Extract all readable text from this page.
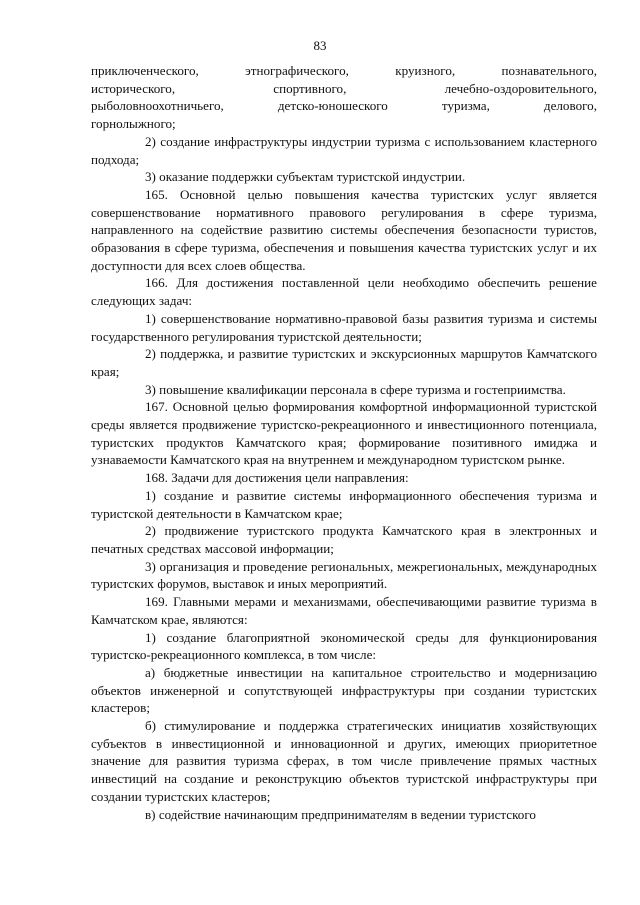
83

приключенческого, этнографического, круизного, познавательного,
исторического, спортивного, лечебно-оздоровительного,
рыболовноохотничьего, детско-юношеского туризма, делового,
горнолыжного;

2) создание инфраструктуры индустрии туризма с использованием кластерного подхода;

3) оказание поддержки субъектам туристской индустрии.

165. Основной целью повышения качества туристских услуг является совершенствование нормативного правового регулирования в сфере туризма, направленного на содействие развитию системы обеспечения безопасности туристов, образования в сфере туризма, обеспечения и повышения качества туристских услуг и их доступности для всех слоев общества.

166. Для достижения поставленной цели необходимо обеспечить решение следующих задач:

1) совершенствование нормативно-правовой базы развития туризма и системы государственного регулирования туристской деятельности;

2) поддержка, и развитие туристских и экскурсионных маршрутов Камчатского края;

3) повышение квалификации персонала в сфере туризма и гостеприимства.

167. Основной целью формирования комфортной информационной туристской среды является продвижение туристско-рекреационного и инвестиционного потенциала, туристских продуктов Камчатского края; формирование позитивного имиджа и узнаваемости Камчатского края на внутреннем и международном туристском рынке.

168. Задачи для достижения цели направления:

1) создание и развитие системы информационного обеспечения туризма и туристской деятельности в Камчатском крае;

2) продвижение туристского продукта Камчатского края в электронных и печатных средствах массовой информации;

3) организация и проведение региональных, межрегиональных, международных туристских форумов, выставок и иных мероприятий.

169. Главными мерами и механизмами, обеспечивающими развитие туризма в Камчатском крае, являются:

1) создание благоприятной экономической среды для функционирования туристско-рекреационного комплекса, в том числе:

а) бюджетные инвестиции на капитальное строительство и модернизацию объектов инженерной и сопутствующей инфраструктуры при создании туристских кластеров;

б) стимулирование и поддержка стратегических инициатив хозяйствующих субъектов в инвестиционной и инновационной и других, имеющих приоритетное значение для развития туризма сферах, в том числе привлечение прямых частных инвестиций на создание и реконструкцию объектов туристской инфраструктуры при создании туристских кластеров;

в) содействие начинающим предпринимателям в ведении туристского
